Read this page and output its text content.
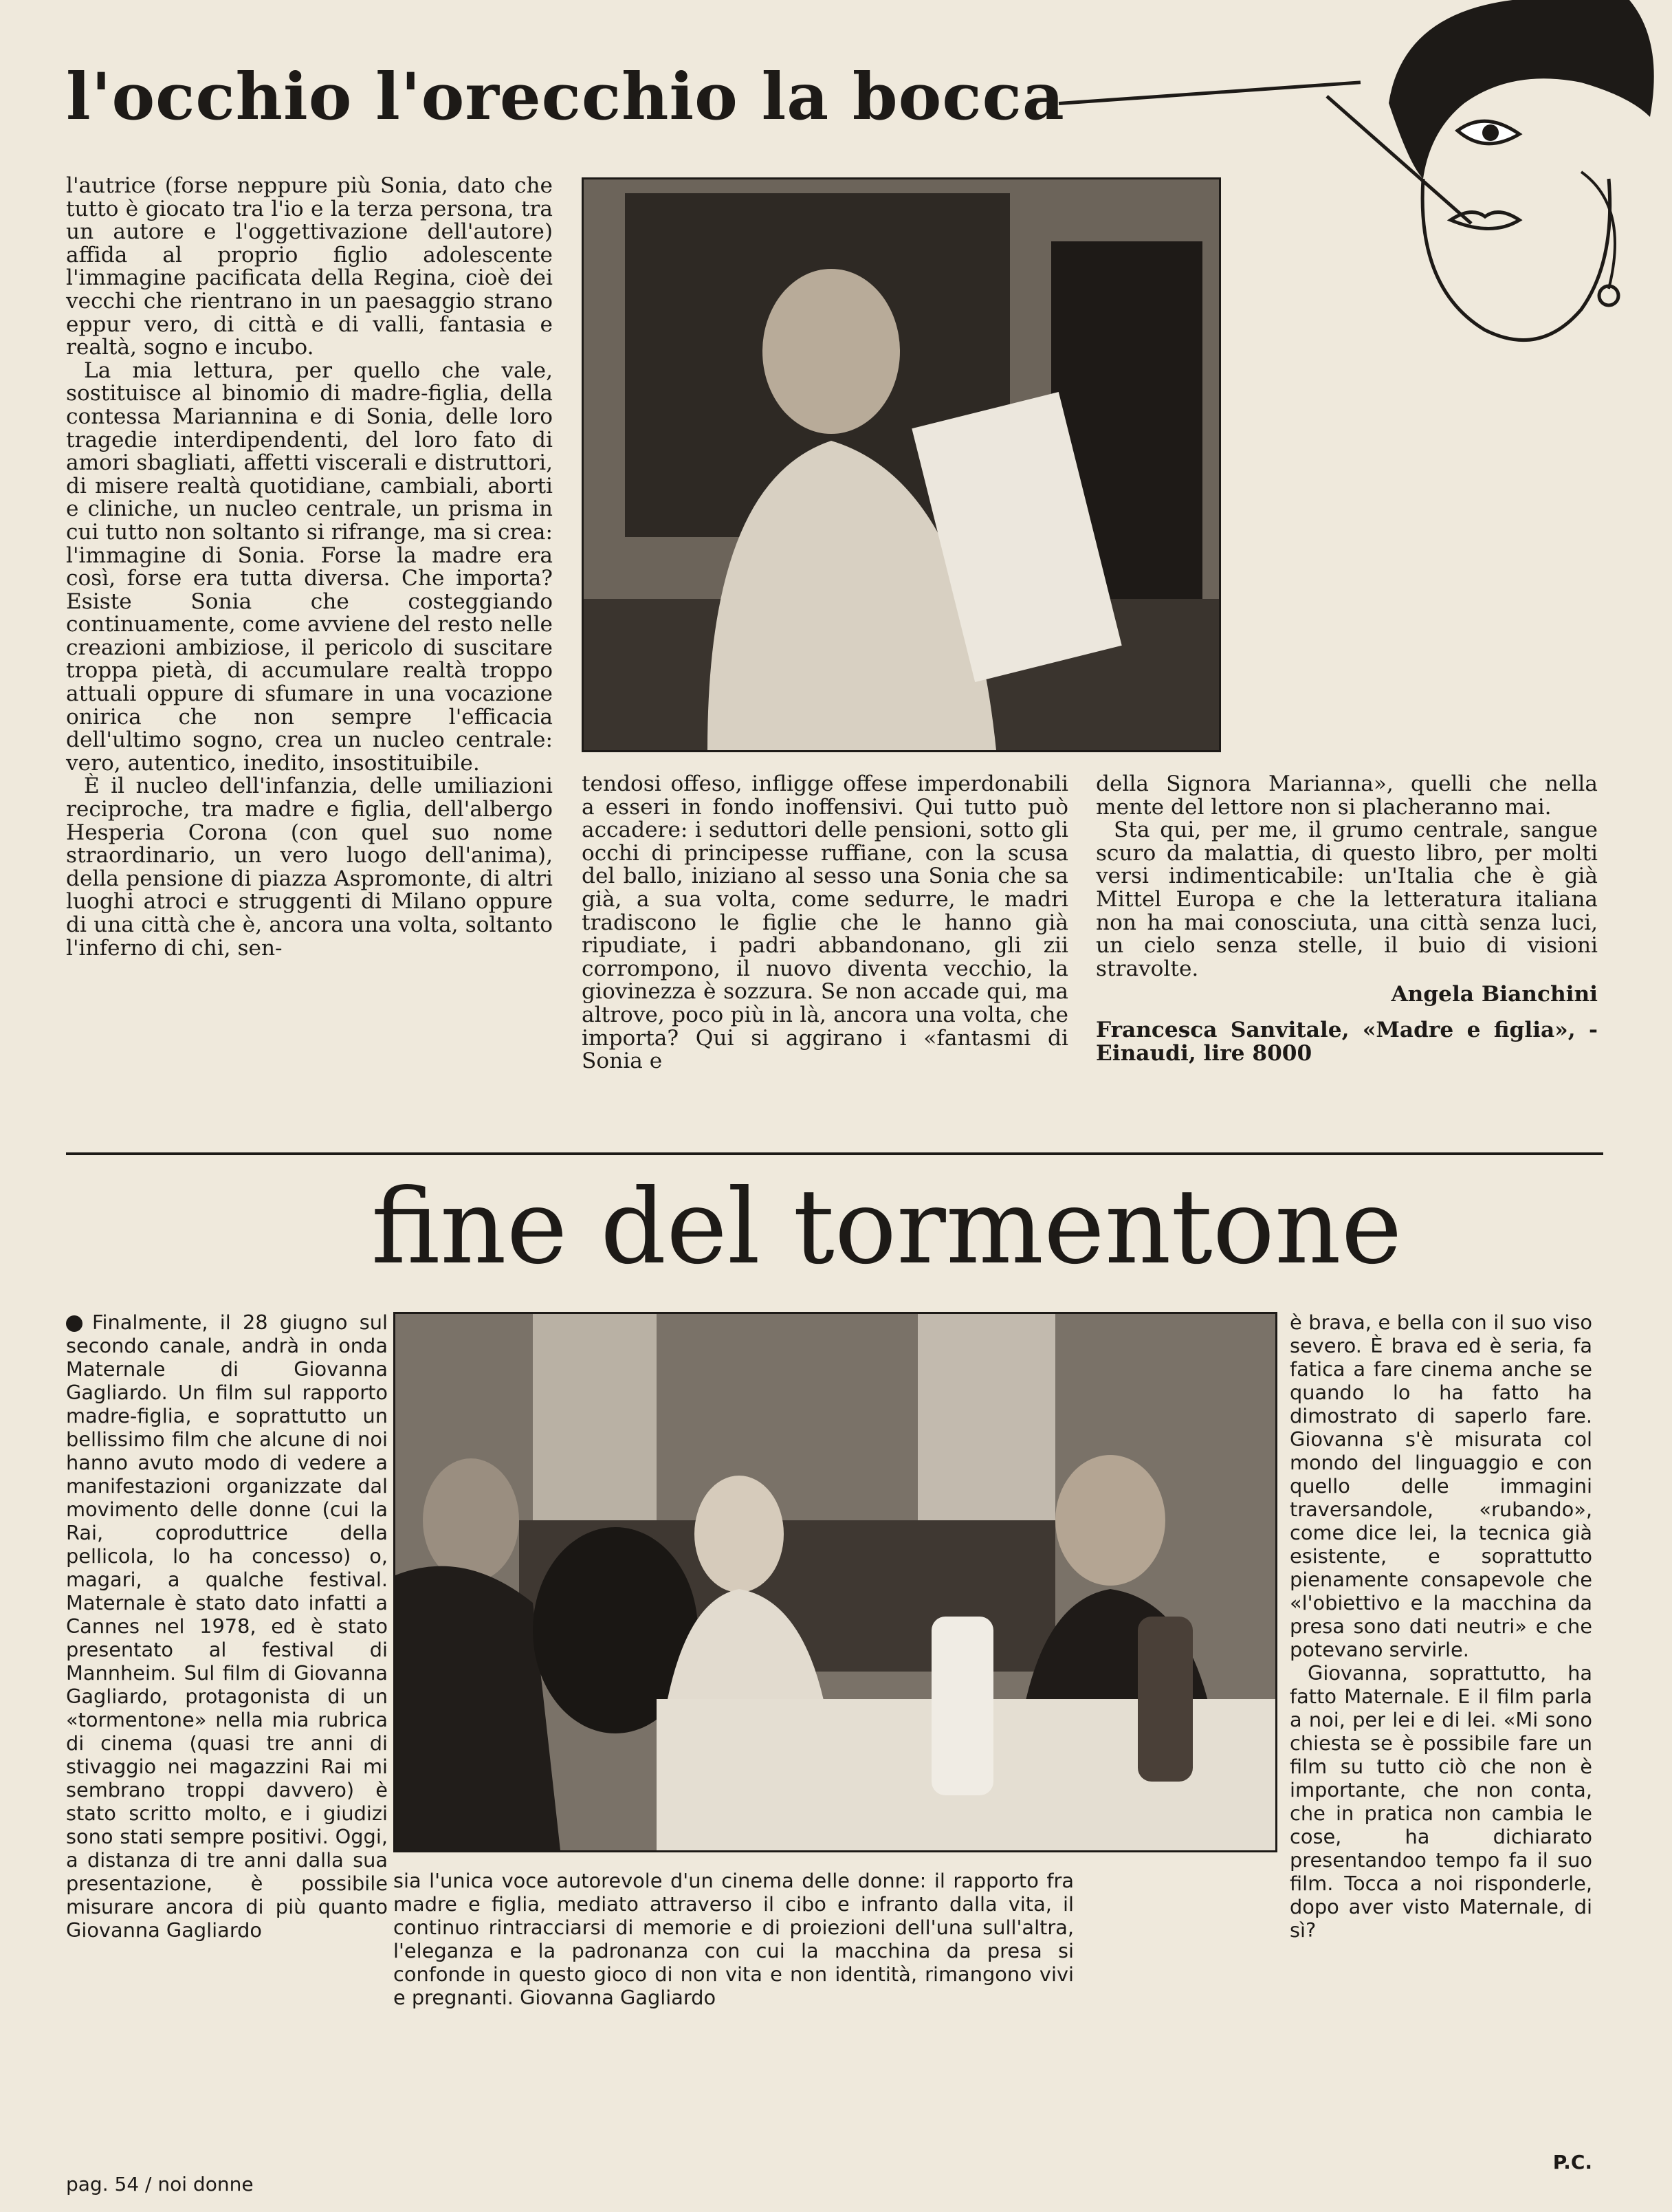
l'occhio l'orecchio la bocca

l'autrice (forse neppure più Sonia, dato che tutto è giocato tra l'io e la terza persona, tra un autore e l'oggettivazione dell'autore) affida al proprio figlio adolescente l'immagine pacificata della Regina, cioè dei vecchi che rientrano in un paesaggio strano eppur vero, di città e di valli, fantasia e realtà, sogno e incubo.

La mia lettura, per quello che vale, sostituisce al binomio di madre-figlia, della contessa Mariannina e di Sonia, delle loro tragedie interdipendenti, del loro fato di amori sbagliati, affetti viscerali e distruttori, di misere realtà quotidiane, cambiali, aborti e cliniche, un nucleo centrale, un prisma in cui tutto non soltanto si rifrange, ma si crea: l'immagine di Sonia. Forse la madre era così, forse era tutta diversa. Che importa? Esiste Sonia che costeggiando continuamente, come avviene del resto nelle creazioni ambiziose, il pericolo di suscitare troppa pietà, di accumulare realtà troppo attuali oppure di sfumare in una vocazione onirica che non sempre l'efficacia dell'ultimo sogno, crea un nucleo centrale: vero, autentico, inedito, insostituibile.

È il nucleo dell'infanzia, delle umiliazioni reciproche, tra madre e figlia, dell'albergo Hesperia Corona (con quel suo nome straordinario, un vero luogo dell'anima), della pensione di piazza Aspromonte, di altri luoghi atroci e struggenti di Milano oppure di una città che è, ancora una volta, soltanto l'inferno di chi, sen-

tendosi offeso, infligge offese imperdonabili a esseri in fondo inoffensivi. Qui tutto può accadere: i seduttori delle pensioni, sotto gli occhi di principesse ruffiane, con la scusa del ballo, iniziano al sesso una Sonia che sa già, a sua volta, come sedurre, le madri tradiscono le figlie che le hanno già ripudiate, i padri abbandonano, gli zii corrompono, il nuovo diventa vecchio, la giovinezza è sozzura. Se non accade qui, ma altrove, poco più in là, ancora una volta, che importa? Qui si aggirano i «fantasmi di Sonia e

della Signora Marianna», quelli che nella mente del lettore non si placheranno mai.

Sta qui, per me, il grumo centrale, sangue scuro da malattia, di questo libro, per molti versi indimenticabile: un'Italia che è già Mittel Europa e che la letteratura italiana non ha mai conosciuta, una città senza luci, un cielo senza stelle, il buio di visioni stravolte.

Angela Bianchini

Francesca Sanvitale, «Madre e figlia», - Einaudi, lire 8000

fine del tormentone

Finalmente, il 28 giugno sul secondo canale, andrà in onda Maternale di Giovanna Gagliardo. Un film sul rapporto madre-figlia, e soprattutto un bellissimo film che alcune di noi hanno avuto modo di vedere a manifestazioni organizzate dal movimento delle donne (cui la Rai, coproduttrice della pellicola, lo ha concesso) o, magari, a qualche festival. Maternale è stato dato infatti a Cannes nel 1978, ed è stato presentato al festival di Mannheim. Sul film di Giovanna Gagliardo, protagonista di un «tormentone» nella mia rubrica di cinema (quasi tre anni di stivaggio nei magazzini Rai mi sembrano troppi davvero) è stato scritto molto, e i giudizi sono stati sempre positivi. Oggi, a distanza di tre anni dalla sua presentazione, è possibile misurare ancora di più quanto Giovanna Gagliardo

sia l'unica voce autorevole d'un cinema delle donne: il rapporto fra madre e figlia, mediato attraverso il cibo e infranto dalla vita, il continuo rintracciarsi di memorie e di proiezioni dell'una sull'altra, l'eleganza e la padronanza con cui la macchina da presa si confonde in questo gioco di non vita e non identità, rimangono vivi e pregnanti. Giovanna Gagliardo

è brava, e bella con il suo viso severo. È brava ed è seria, fa fatica a fare cinema anche se quando lo ha fatto ha dimostrato di saperlo fare. Giovanna s'è misurata col mondo del linguaggio e con quello delle immagini traversandole, «rubando», come dice lei, la tecnica già esistente, e soprattutto pienamente consapevole che «l'obiettivo e la macchina da presa sono dati neutri» e che potevano servirle.

Giovanna, soprattutto, ha fatto Maternale. E il film parla a noi, per lei e di lei. «Mi sono chiesta se è possibile fare un film su tutto ciò che non è importante, che non conta, che in pratica non cambia le cose, ha dichiarato presentandoo tempo fa il suo film. Tocca a noi risponderle, dopo aver visto Maternale, di sì?

P.C.
pag. 54 / noi donne
